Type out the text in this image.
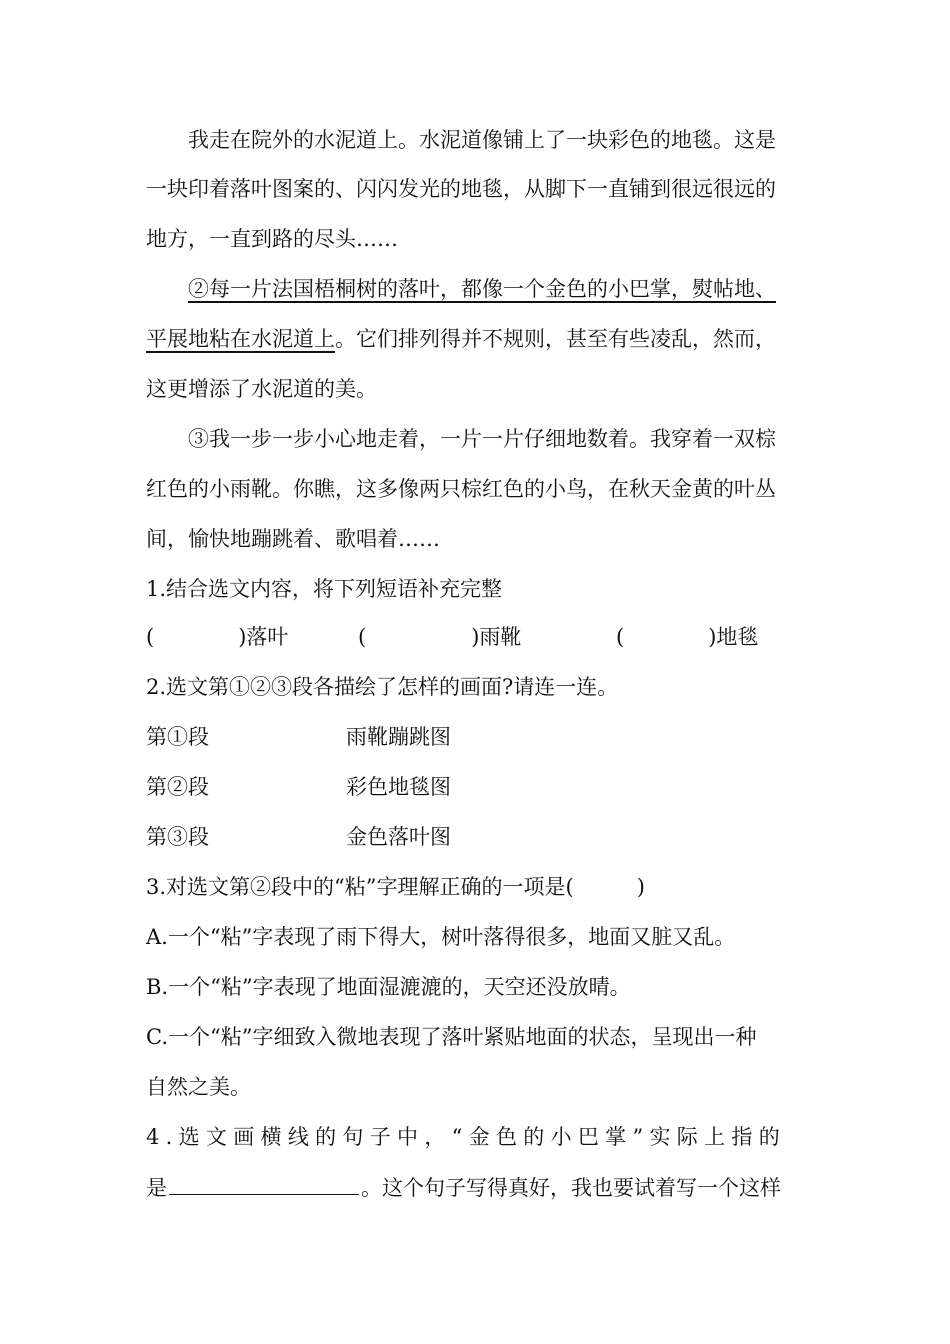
我走在院外的水泥道上。水泥道像铺上了一块彩色的地毯。这是
一块印着落叶图案的、闪闪发光的地毯，从脚下一直铺到很远很远的
地方，一直到路的尽头……
②每一片法国梧桐树的落叶，都像一个金色的小巴掌，熨帖地、
平展地粘在水泥道上。它们排列得并不规则，甚至有些凌乱，然而，
这更增添了水泥道的美。
③我一步一步小心地走着，一片一片仔细地数着。我穿着一双棕
红色的小雨靴。你瞧，这多像两只棕红色的小鸟，在秋天金黄的叶丛
间，愉快地蹦跳着、歌唱着……
1.结合选文内容，将下列短语补充完整
(　　　　)落叶	(　　　　　)雨靴	(　　　　)地毯
2.选文第①②③段各描绘了怎样的画面?请连一连。
第①段	雨靴蹦跳图
第②段	彩色地毯图
第③段	金色落叶图
3.对选文第②段中的“粘”字理解正确的一项是(　　　)
A.一个“粘”字表现了雨下得大，树叶落得很多，地面又脏又乱。
B.一个“粘”字表现了地面湿漉漉的，天空还没放晴。
C.一个“粘”字细致入微地表现了落叶紧贴地面的状态，呈现出一种
自然之美。
4.选文画横线的句子中，“金色的小巴掌”实际上指的
是	。这个句子写得真好，我也要试着写一个这样
